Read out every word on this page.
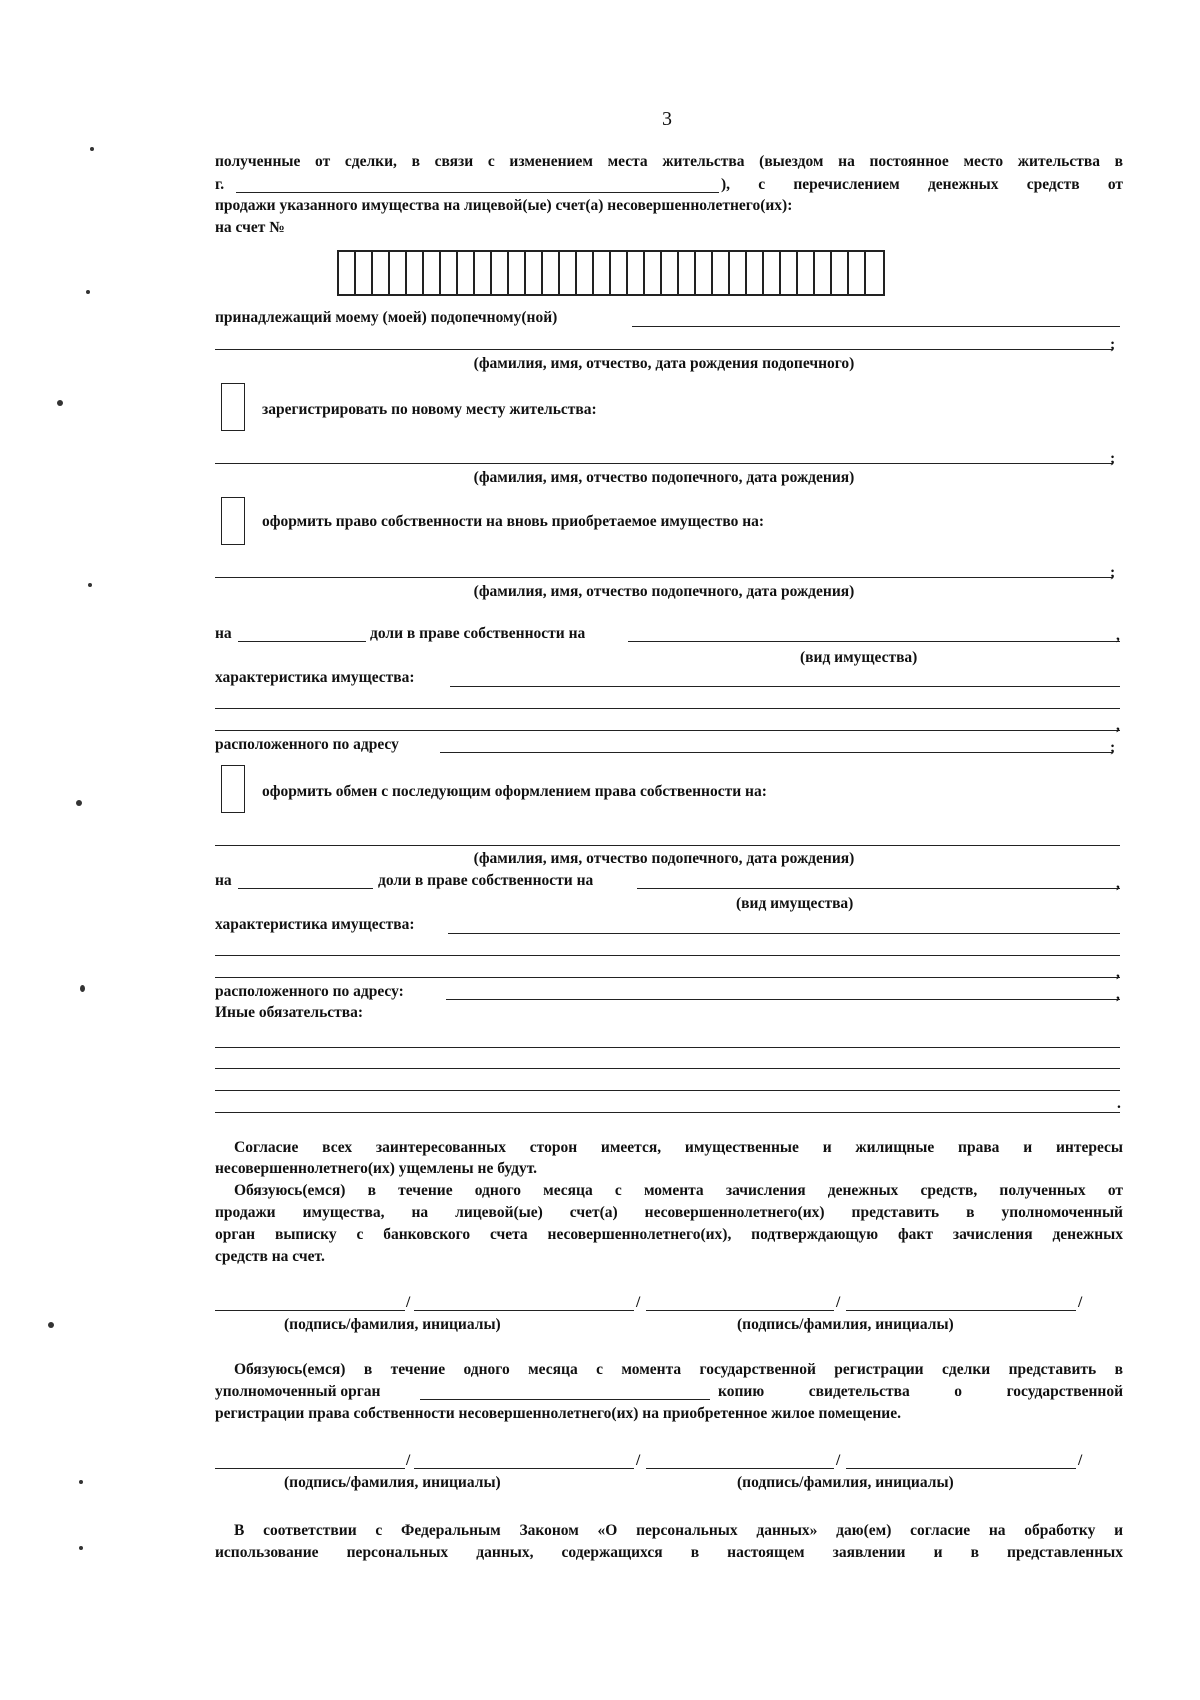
3
полученные от сделки, в связи с изменением места жительства (выездом на постоянное место жительства в
г.	), с перечислением денежных средств от
продажи указанного имущества на лицевой(ые) счет(а) несовершеннолетнего(их):
на счет №
принадлежащий моему (моей) подопечному(ной)
;
(фамилия, имя, отчество, дата рождения подопечного)
зарегистрировать по новому месту жительства:
;
(фамилия, имя, отчество подопечного, дата рождения)
оформить право собственности на вновь приобретаемое имущество на:
;
(фамилия, имя, отчество подопечного, дата рождения)
на	доли в праве собственности на	,
(вид имущества)
характеристика имущества:
,
расположенного по адресу	;
оформить обмен с последующим оформлением права собственности на:
(фамилия, имя, отчество подопечного, дата рождения)
на	доли в праве собственности на	,
(вид имущества)
характеристика имущества:
,
расположенного по адресу:	,
Иные обязательства:
.
Согласие всех заинтересованных сторон имеется, имущественные и жилищные права и интересы
несовершеннолетнего(их) ущемлены не будут.
Обязуюсь(емся) в течение одного месяца с момента зачисления денежных средств, полученных от
продажи имущества, на лицевой(ые) счет(а) несовершеннолетнего(их) представить в уполномоченный
орган выписку с банковского счета несовершеннолетнего(их), подтверждающую факт зачисления денежных
средств на счет.
/	/	/	/
(подпись/фамилия, инициалы)	(подпись/фамилия, инициалы)
Обязуюсь(емся) в течение одного месяца с момента государственной регистрации сделки представить в
уполномоченный орган	копию свидетельства о государственной
регистрации права собственности несовершеннолетнего(их) на приобретенное жилое помещение.
/	/	/	/
(подпись/фамилия, инициалы)	(подпись/фамилия, инициалы)
В соответствии с Федеральным Законом «О персональных данных» даю(ем) согласие на обработку и
использование персональных данных, содержащихся в настоящем заявлении и в представленных
